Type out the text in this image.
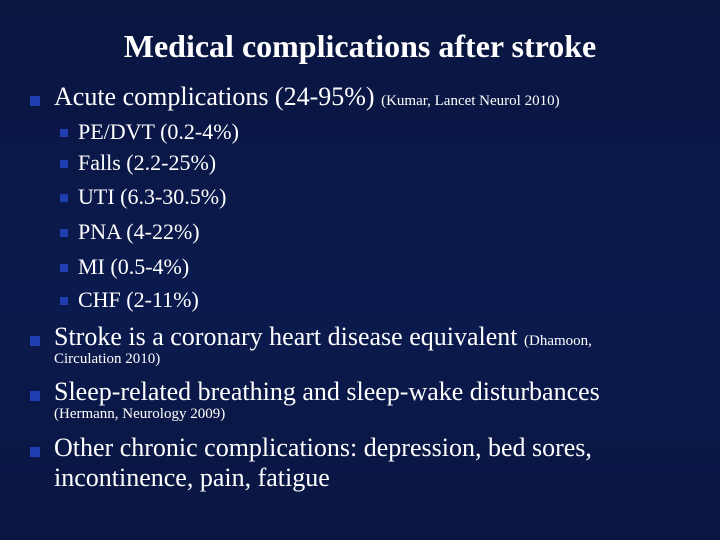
Medical complications after stroke
Acute complications (24-95%) (Kumar, Lancet Neurol 2010)
PE/DVT (0.2-4%)
Falls (2.2-25%)
UTI (6.3-30.5%)
PNA (4-22%)
MI (0.5-4%)
CHF (2-11%)
Stroke is a coronary heart disease equivalent (Dhamoon,
Circulation 2010)
Sleep-related breathing and sleep-wake disturbances
(Hermann, Neurology 2009)
Other chronic complications: depression, bed sores,
incontinence, pain, fatigue
